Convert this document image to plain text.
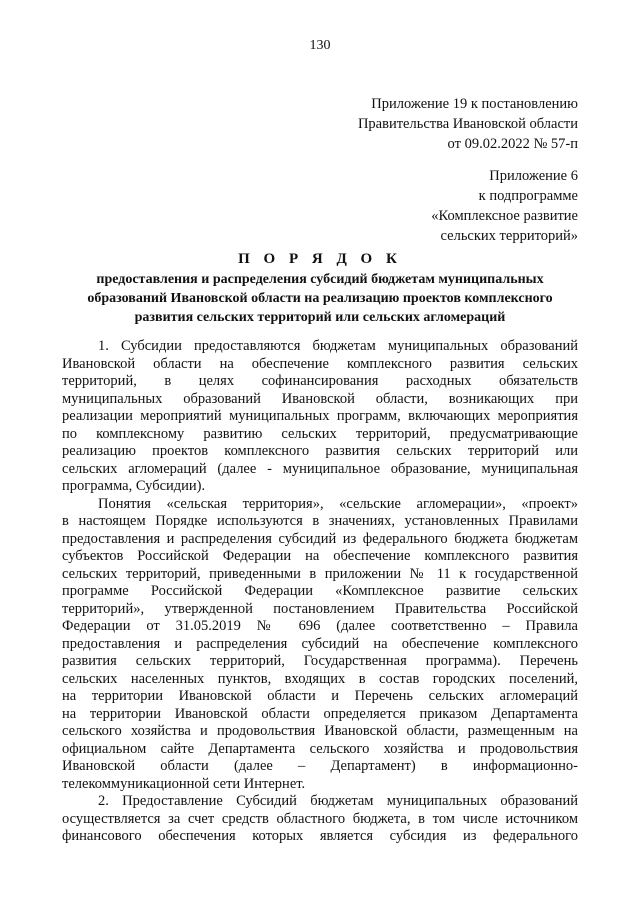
130
Приложение 19 к постановлению
Правительства Ивановской области
от 09.02.2022 № 57-п
Приложение 6
к подпрограмме
«Комплексное развитие
сельских территорий»
П О Р Я Д О К
предоставления и распределения субсидий бюджетам муниципальных
образований Ивановской области на реализацию проектов комплексного
развития сельских территорий или сельских агломераций
1. Субсидии предоставляются бюджетам муниципальных образований
Ивановской области на обеспечение комплексного развития сельских
территорий, в целях софинансирования расходных обязательств
муниципальных образований Ивановской области, возникающих при
реализации мероприятий муниципальных программ, включающих мероприятия
по комплексному развитию сельских территорий, предусматривающие
реализацию проектов комплексного развития сельских территорий или
сельских агломераций (далее - муниципальное образование, муниципальная
программа, Субсидии).
Понятия «сельская территория», «сельские агломерации», «проект»
в настоящем Порядке используются в значениях, установленных Правилами
предоставления и распределения субсидий из федерального бюджета бюджетам
субъектов Российской Федерации на обеспечение комплексного развития
сельских территорий, приведенными в приложении № 11 к государственной
программе Российской Федерации «Комплексное развитие сельских
территорий», утвержденной постановлением Правительства Российской
Федерации от 31.05.2019 № 696 (далее соответственно – Правила
предоставления и распределения субсидий на обеспечение комплексного
развития сельских территорий, Государственная программа). Перечень
сельских населенных пунктов, входящих в состав городских поселений,
на территории Ивановской области и Перечень сельских агломераций
на территории Ивановской области определяется приказом Департамента
сельского хозяйства и продовольствия Ивановской области, размещенным на
официальном сайте Департамента сельского хозяйства и продовольствия
Ивановской области (далее – Департамент) в информационно-
телекоммуникационной сети Интернет.
2. Предоставление Субсидий бюджетам муниципальных образований
осуществляется за счет средств областного бюджета, в том числе источником
финансового обеспечения которых является субсидия из федерального
